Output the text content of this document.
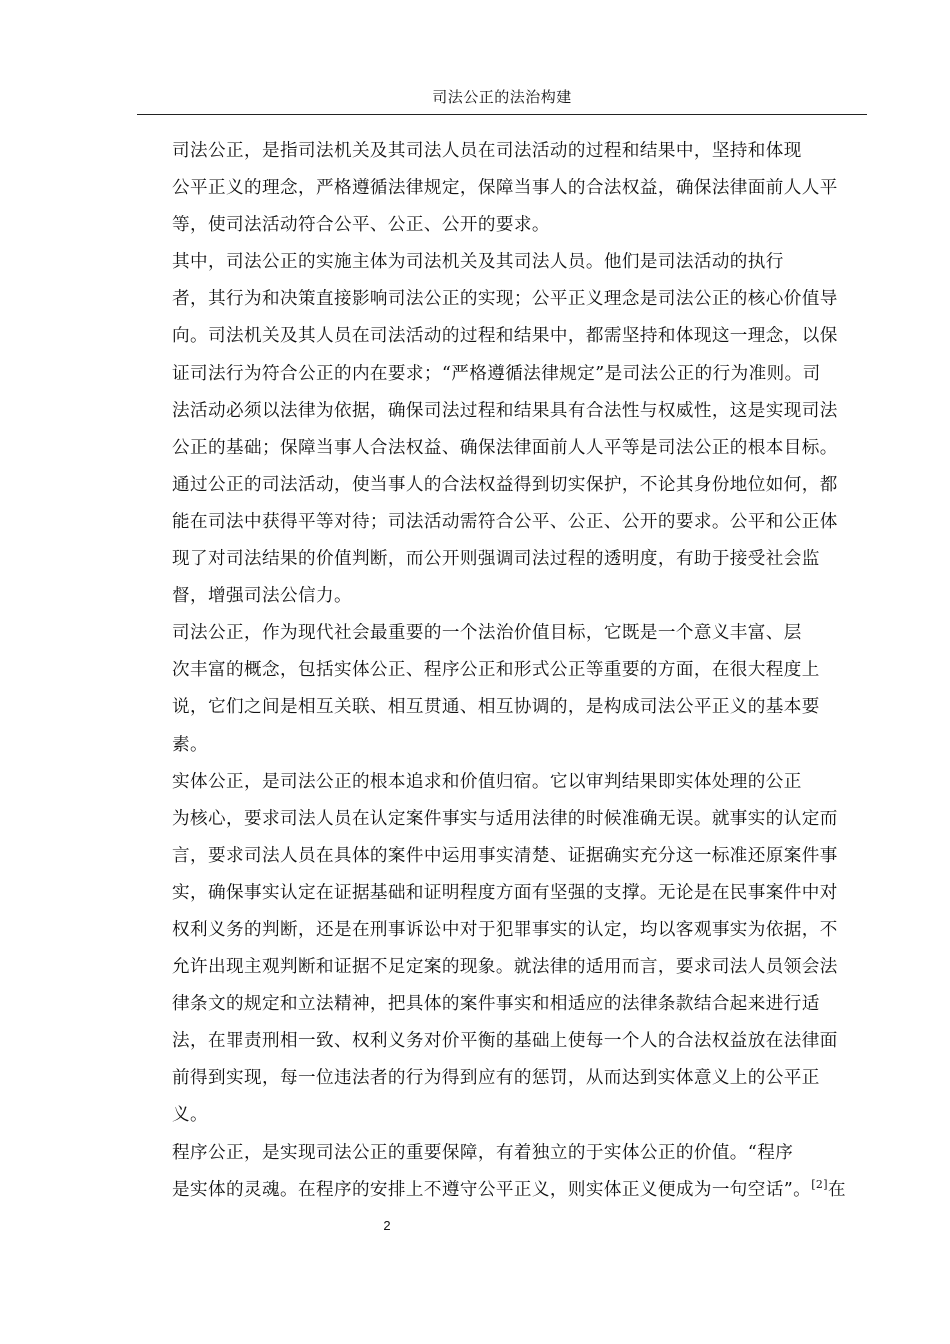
司法公正的法治构建

司法公正，是指司法机关及其司法人员在司法活动的过程和结果中，坚持和体现
公平正义的理念，严格遵循法律规定，保障当事人的合法权益，确保法律面前人人平
等，使司法活动符合公平、公正、公开的要求。

其中，司法公正的实施主体为司法机关及其司法人员。他们是司法活动的执行
者，其行为和决策直接影响司法公正的实现；公平正义理念是司法公正的核心价值导
向。司法机关及其人员在司法活动的过程和结果中，都需坚持和体现这一理念，以保
证司法行为符合公正的内在要求；“严格遵循法律规定”是司法公正的行为准则。司
法活动必须以法律为依据，确保司法过程和结果具有合法性与权威性，这是实现司法
公正的基础；保障当事人合法权益、确保法律面前人人平等是司法公正的根本目标。
通过公正的司法活动，使当事人的合法权益得到切实保护，不论其身份地位如何，都
能在司法中获得平等对待；司法活动需符合公平、公正、公开的要求。公平和公正体
现了对司法结果的价值判断，而公开则强调司法过程的透明度，有助于接受社会监
督，增强司法公信力。

司法公正，作为现代社会最重要的一个法治价值目标，它既是一个意义丰富、层
次丰富的概念，包括实体公正、程序公正和形式公正等重要的方面，在很大程度上
说，它们之间是相互关联、相互贯通、相互协调的，是构成司法公平正义的基本要
素。

实体公正，是司法公正的根本追求和价值归宿。它以审判结果即实体处理的公正
为核心，要求司法人员在认定案件事实与适用法律的时候准确无误。就事实的认定而
言，要求司法人员在具体的案件中运用事实清楚、证据确实充分这一标准还原案件事
实，确保事实认定在证据基础和证明程度方面有坚强的支撑。无论是在民事案件中对
权利义务的判断，还是在刑事诉讼中对于犯罪事实的认定，均以客观事实为依据，不
允许出现主观判断和证据不足定案的现象。就法律的适用而言，要求司法人员领会法
律条文的规定和立法精神，把具体的案件事实和相适应的法律条款结合起来进行适
法，在罪责刑相一致、权利义务对价平衡的基础上使每一个人的合法权益放在法律面
前得到实现，每一位违法者的行为得到应有的惩罚，从而达到实体意义上的公平正
义。

程序公正，是实现司法公正的重要保障，有着独立的于实体公正的价值。“程序
是实体的灵魂。在程序的安排上不遵守公平正义，则实体正义便成为一句空话”。[2]在

2
